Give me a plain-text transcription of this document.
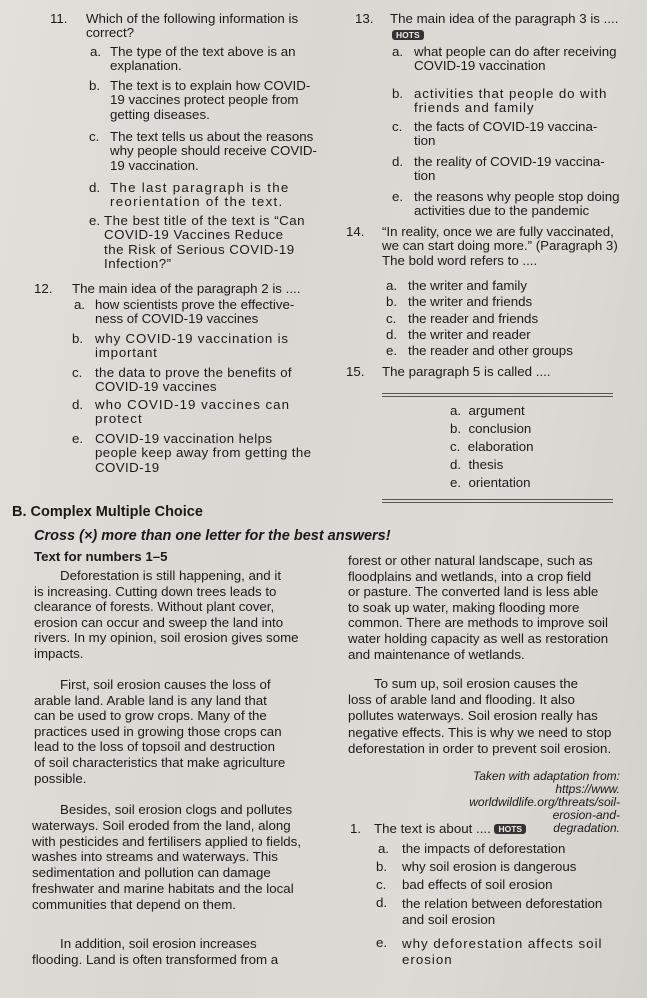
11. Which of the following information is
correct?
a. The type of the text above is an
explanation.
b. The text is to explain how COVID-
19 vaccines protect people from
getting diseases.
c. The text tells us about the reasons
why people should receive COVID-
19 vaccination.
d. The last paragraph is the
reorientation of the text.
e. The best title of the text is “Can
COVID-19 Vaccines Reduce
the Risk of Serious COVID-19
Infection?”
12. The main idea of the paragraph 2 is ....
a. how scientists prove the effective-
ness of COVID-19 vaccines
b. why COVID-19 vaccination is
important
c. the data to prove the benefits of
COVID-19 vaccines
d. who COVID-19 vaccines can
protect
e. COVID-19 vaccination helps
people keep away from getting the
COVID-19
13. The main idea of the paragraph 3 is ....
HOTS
a. what people can do after receiving
COVID-19 vaccination
b. activities that people do with
friends and family
c. the facts of COVID-19 vaccina-
tion
d. the reality of COVID-19 vaccina-
tion
e. the reasons why people stop doing
activities due to the pandemic
14. “In reality, once we are fully vaccinated,
we can start doing more.” (Paragraph 3)
The bold word refers to ....
a. the writer and family
b. the writer and friends
c. the reader and friends
d. the writer and reader
e. the reader and other groups
15. The paragraph 5 is called ....
a. argument
b. conclusion
c. elaboration
d. thesis
e. orientation
B. Complex Multiple Choice
Cross (×) more than one letter for the best answers!
Text for numbers 1–5
Deforestation is still happening, and it
is increasing. Cutting down trees leads to
clearance of forests. Without plant cover,
erosion can occur and sweep the land into
rivers. In my opinion, soil erosion gives some
impacts.
First, soil erosion causes the loss of
arable land. Arable land is any land that
can be used to grow crops. Many of the
practices used in growing those crops can
lead to the loss of topsoil and destruction
of soil characteristics that make agriculture
possible.
Besides, soil erosion clogs and pollutes
waterways. Soil eroded from the land, along
with pesticides and fertilisers applied to fields,
washes into streams and waterways. This
sedimentation and pollution can damage
freshwater and marine habitats and the local
communities that depend on them.
In addition, soil erosion increases
flooding. Land is often transformed from a
forest or other natural landscape, such as
floodplains and wetlands, into a crop field
or pasture. The converted land is less able
to soak up water, making flooding more
common. There are methods to improve soil
water holding capacity as well as restoration
and maintenance of wetlands.
To sum up, soil erosion causes the
loss of arable land and flooding. It also
pollutes waterways. Soil erosion really has
negative effects. This is why we need to stop
deforestation in order to prevent soil erosion.
Taken with adaptation from: https://www.
worldwildlife.org/threats/soil-erosion-and-
degradation.
1. The text is about .... HOTS
a. the impacts of deforestation
b. why soil erosion is dangerous
c. bad effects of soil erosion
d. the relation between deforestation
and soil erosion
e. why deforestation affects soil
erosion
